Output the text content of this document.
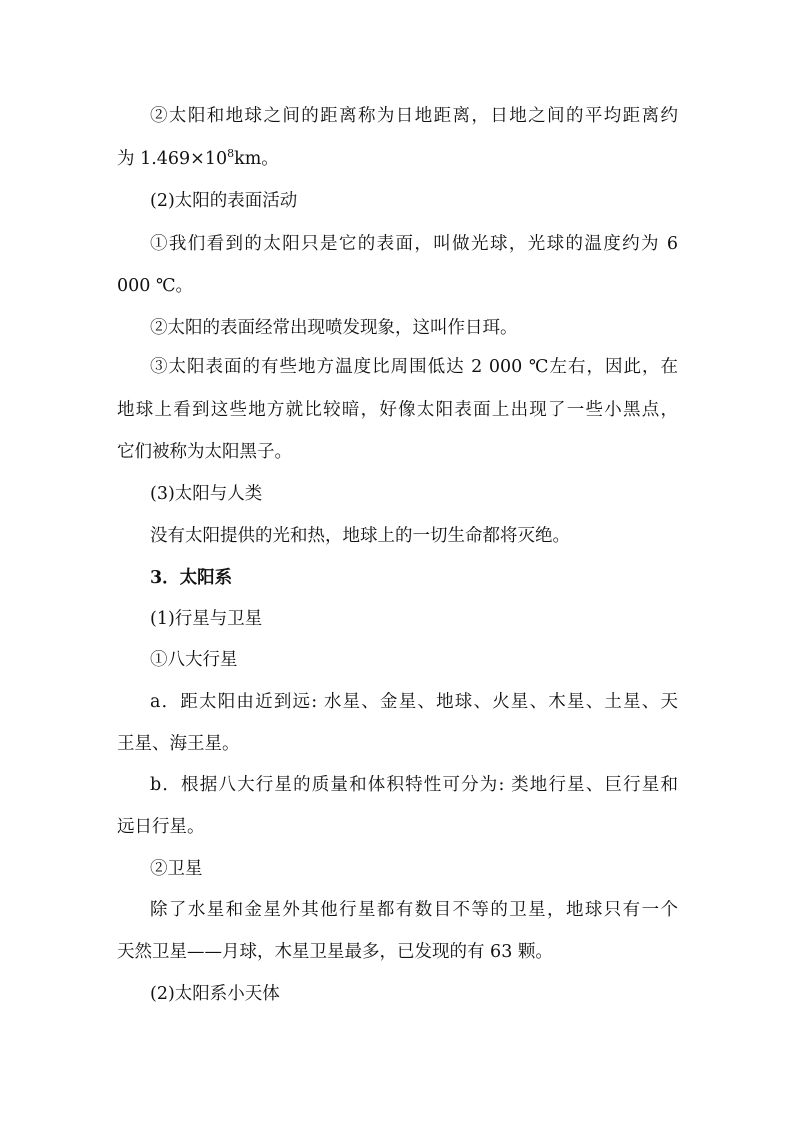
②太阳和地球之间的距离称为日地距离，日地之间的平均距离约
为 $1.469\times 10^8km$。
(2)太阳的表面活动
①我们看到的太阳只是它的表面，叫做光球，光球的温度约为 6
000 ℃。
②太阳的表面经常出现喷发现象，这叫作日珥。
③太阳表面的有些地方温度比周围低达 2 000 ℃左右，因此，在
地球上看到这些地方就比较暗，好像太阳表面上出现了一些小黑点，
它们被称为太阳黑子。
(3)太阳与人类
没有太阳提供的光和热，地球上的一切生命都将灭绝。
3．太阳系
(1)行星与卫星
①八大行星
a．距太阳由近到远: 水星、金星、地球、火星、木星、土星、天
王星、海王星。
b．根据八大行星的质量和体积特性可分为: 类地行星、巨行星和
远日行星。
②卫星
除了水星和金星外其他行星都有数目不等的卫星，地球只有一个
天然卫星——月球，木星卫星最多，已发现的有 63 颗。
(2)太阳系小天体
